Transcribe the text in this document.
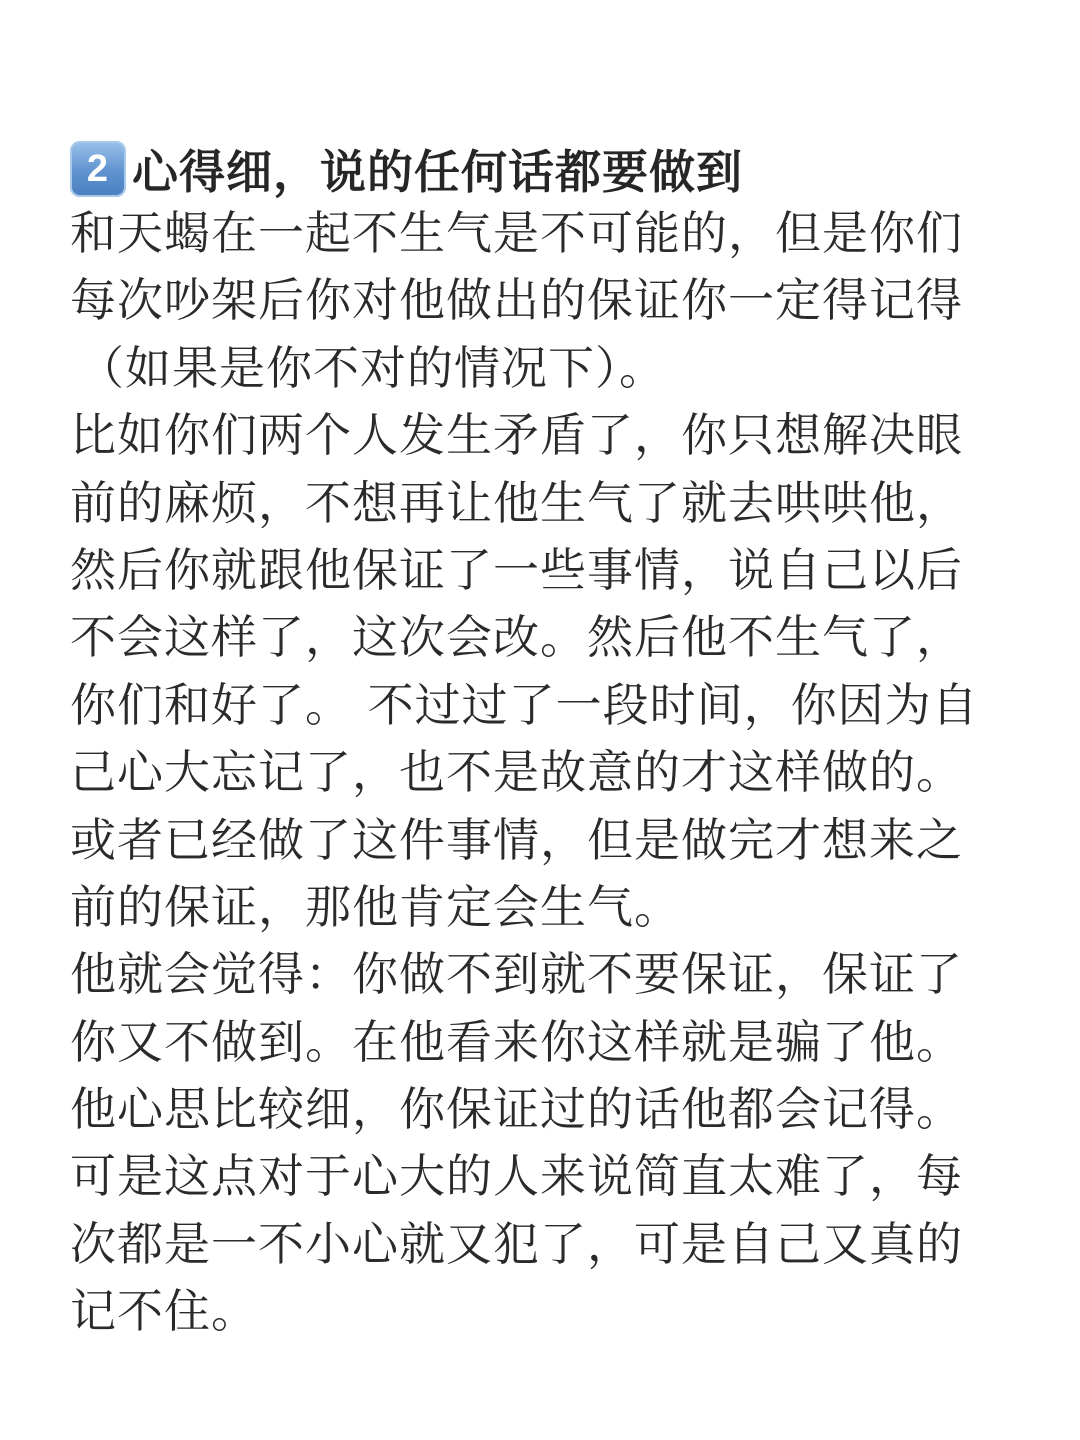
2 心得细，说的任何话都要做到
和天蝎在一起不生气是不可能的，但是你们
每次吵架后你对他做出的保证你一定得记得
（如果是你不对的情况下）。
比如你们两个人发生矛盾了，你只想解决眼
前的麻烦，不想再让他生气了就去哄哄他，
然后你就跟他保证了一些事情，说自己以后
不会这样了，这次会改。然后他不生气了，
你们和好了。 不过过了一段时间，你因为自
己心大忘记了，也不是故意的才这样做的。
或者已经做了这件事情，但是做完才想来之
前的保证，那他肯定会生气。
他就会觉得：你做不到就不要保证，保证了
你又不做到。在他看来你这样就是骗了他。
他心思比较细，你保证过的话他都会记得。
可是这点对于心大的人来说简直太难了，每
次都是一不小心就又犯了，可是自己又真的
记不住。
